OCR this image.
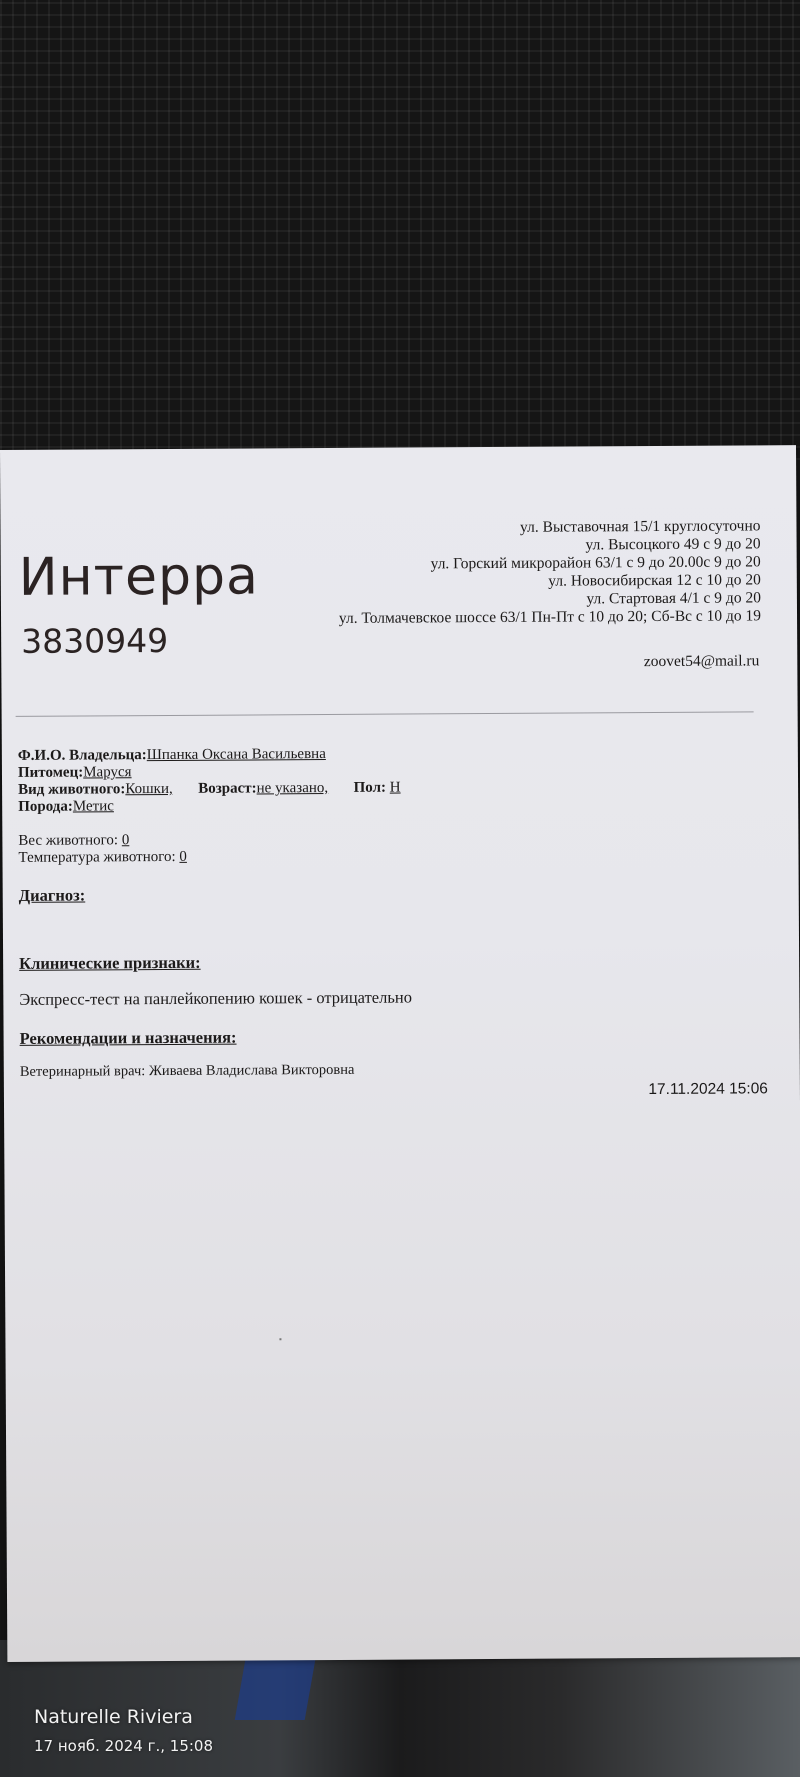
Интерра
3830949
ул. Выставочная 15/1 круглосуточно
ул. Высоцкого 49 с 9 до 20
ул. Горский микрорайон 63/1 с 9 до 20.00с 9 до 20
ул. Новосибирская 12 с 10 до 20
ул. Стартовая 4/1 с 9 до 20
ул. Толмачевское шоссе 63/1 Пн-Пт с 10 до 20; Сб-Вс с 10 до 19
zoovet54@mail.ru
Ф.И.О. Владельца:Шпанка Оксана Васильевна
Питомец:Маруся
Вид животного:Кошки, Возраст:не указано, Пол: Н
Порода:Метис
Вес животного: 0
Температура животного: 0
Диагноз:
Клинические признаки:
Экспресс-тест на панлейкопению кошек - отрицательно
Рекомендации и назначения:
Ветеринарный врач: Живаева Владислава Викторовна
17.11.2024 15:06
Naturelle Riviera
17 нояб. 2024 г., 15:08
